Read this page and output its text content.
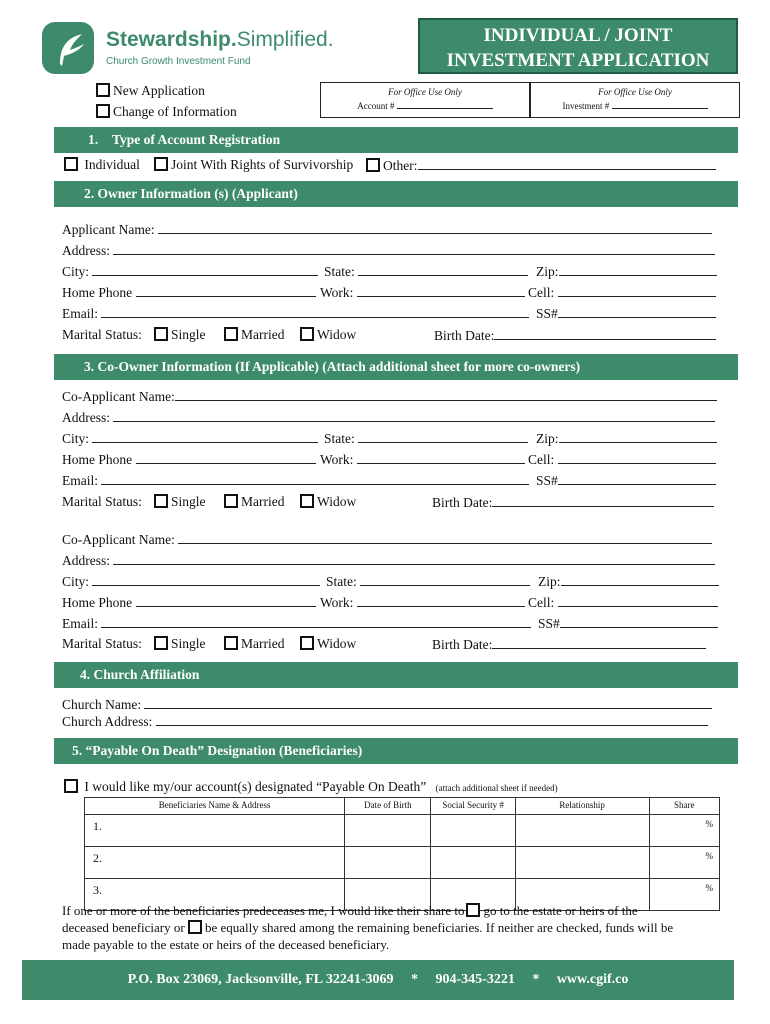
Stewardship.Simplified.
Church Growth Investment Fund
INDIVIDUAL / JOINT
INVESTMENT APPLICATION
New Application
Change of Information
For Office Use Only
Account #
For Office Use Only
Investment #
1. Type of Account Registration
Individual	Joint With Rights of Survivorship	Other:
2. Owner Information (s) (Applicant)
Applicant Name:
Address:
City:	State:	Zip:
Home Phone	Work:	Cell:
Email:	SS#
Marital Status:	Single	Married	Widow	Birth Date:
3. Co-Owner Information (If Applicable) (Attach additional sheet for more co-owners)
Co-Applicant Name:
Address:
City:	State:	Zip:
Home Phone	Work:	Cell:
Email:	SS#
Marital Status:	Single	Married	Widow	Birth Date:
Co-Applicant Name:
Address:
City:	State:	Zip:
Home Phone	Work:	Cell:
Email:	SS#
Marital Status:	Single	Married	Widow	Birth Date:
4. Church Affiliation
Church Name:
Church Address:
5. “Payable On Death” Designation (Beneficiaries)
I would like my/our account(s) designated “Payable On Death” (attach additional sheet if needed)
Beneficiaries Name & Address	Date of Birth	Social Security #	Relationship	Share
1.				%
2.				%
3.				%
If one or more of the beneficiaries predeceases me, I would like their share to go to the estate or heirs of the
deceased beneficiary or be equally shared among the remaining beneficiaries. If neither are checked, funds will be
made payable to the estate or heirs of the deceased beneficiary.
P.O. Box 23069, Jacksonville, FL 32241-3069     *     904-345-3221     *     www.cgif.co
